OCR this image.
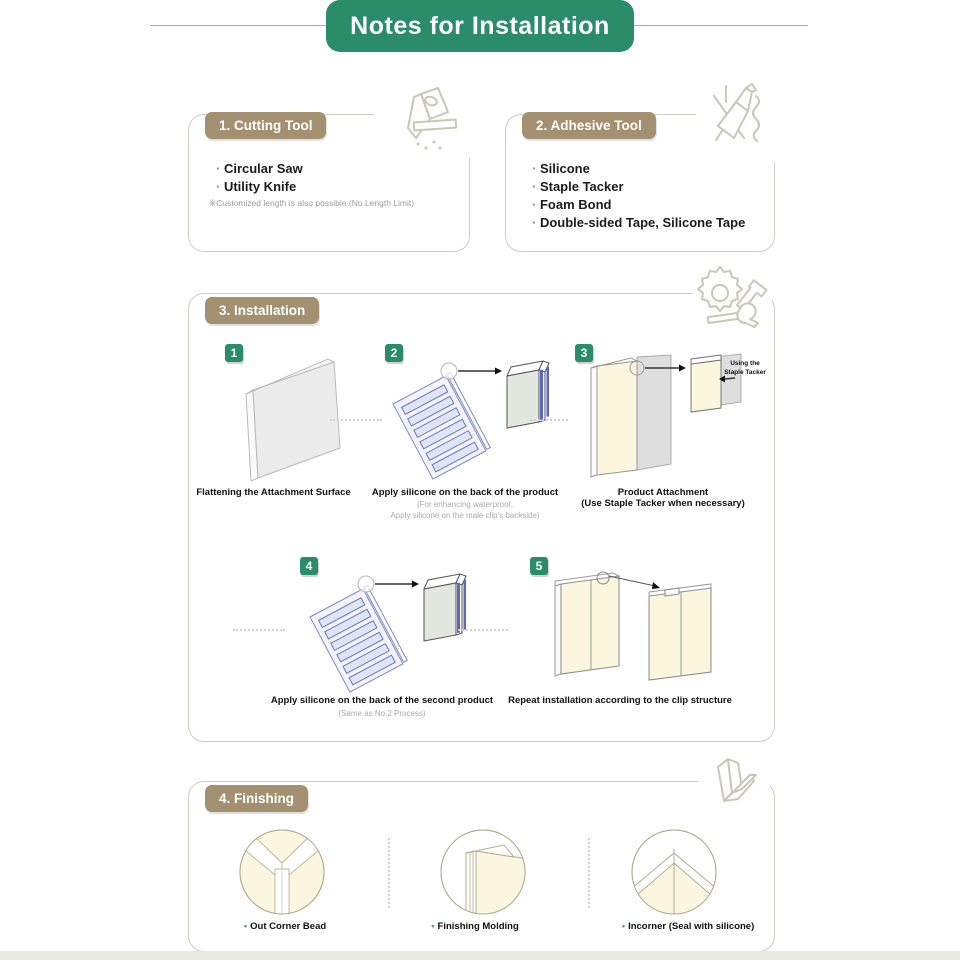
Notes for Installation
1. Cutting Tool
· Circular Saw
· Utility Knife
※Customized length is also possible (No Length Limit)
2. Adhesive Tool
· Silicone
· Staple Tacker
· Foam Bond
· Double-sided Tape, Silicone Tape
3. Installation
1
Flattening the Attachment Surface
2
Apply silicone on the back of the product
(For enhancing waterproof,
Apply silicone on the male clip's backside)
3
Using the
Staple Tacker
Product Attachment
(Use Staple Tacker when necessary)
4
Apply silicone on the back of the second product
(Same as No.2 Process)
5
Repeat installation according to the clip structure
4. Finishing
• Out Corner Bead	• Finishing Molding	• Incorner (Seal with silicone)
